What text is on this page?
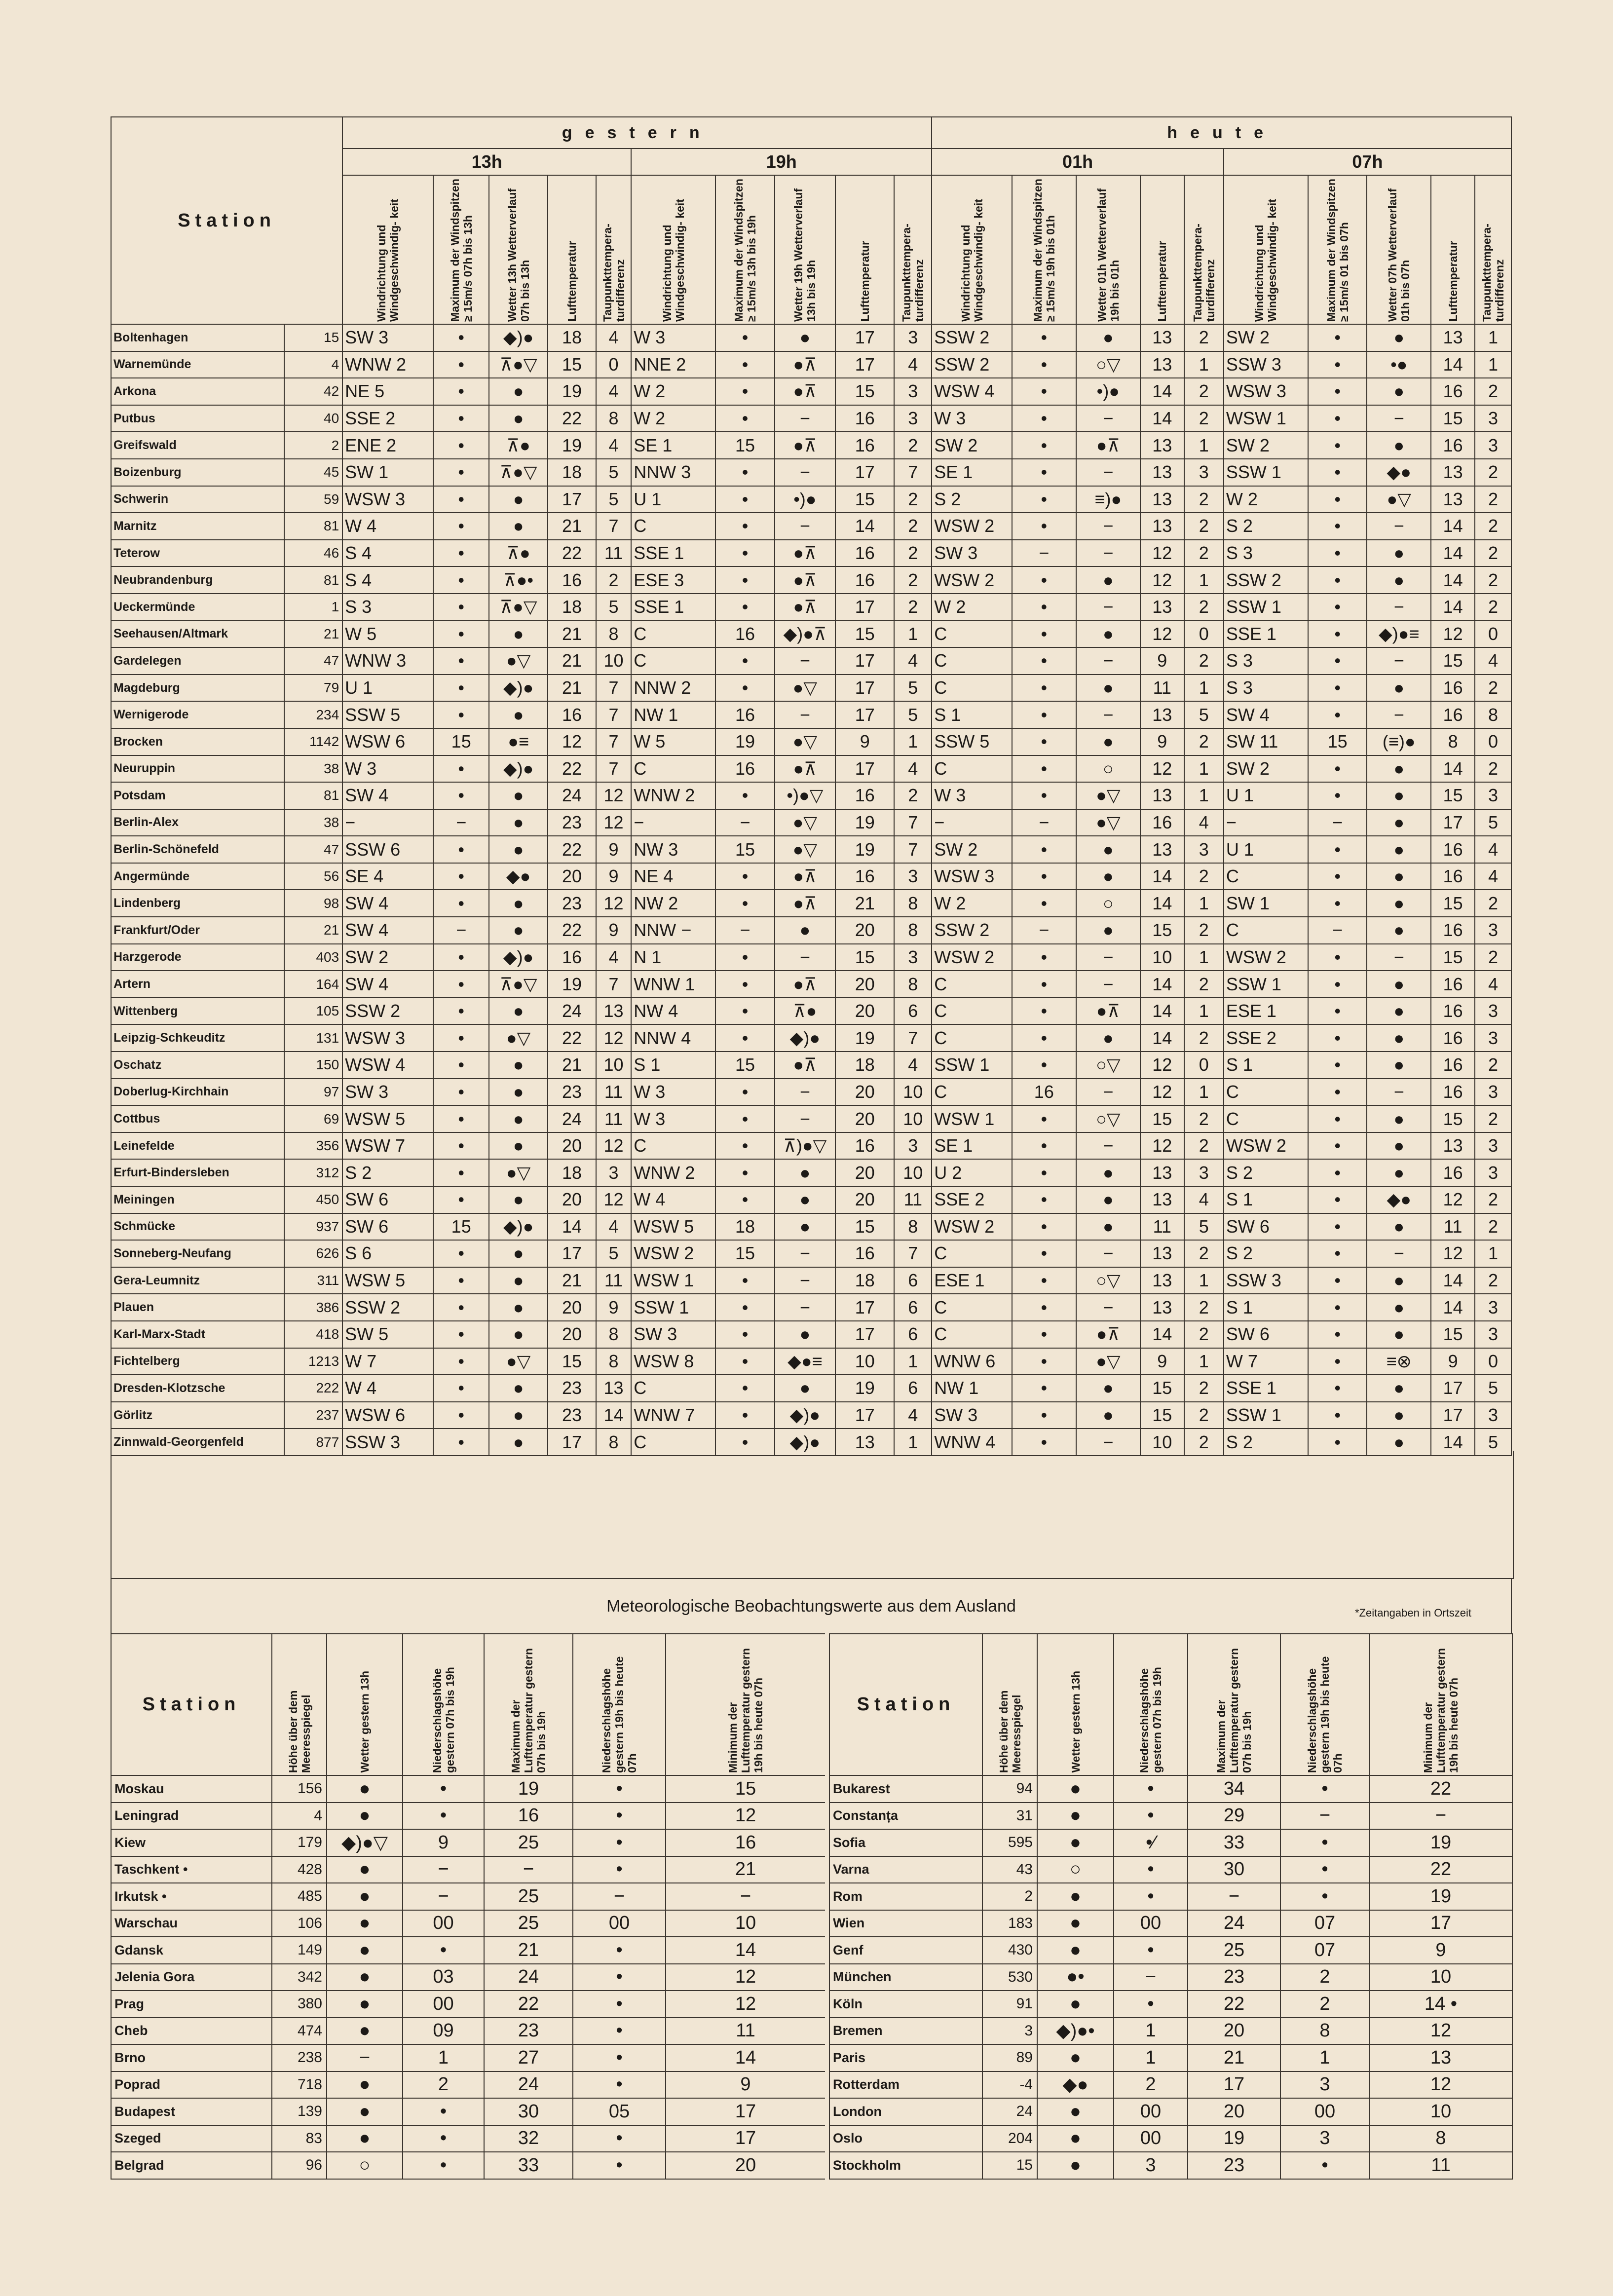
Station		gestern										heute									
		13h					19h					01h					07h				

		Windrichtung und Windgeschwindig- keit	Maximum der Windspitzen ≥ 15m/s 07h bis 13h	Wetter 13h Wetterverlauf 07h bis 13h	Lufttemperatur	Taupunkttempera- turdifferenz	Windrichtung und Windgeschwindig- keit	Maximum der Windspitzen ≥ 15m/s 13h bis 19h	Wetter 19h Wetterverlauf 13h bis 19h	Lufttemperatur	Taupunkttempera- turdifferenz	Windrichtung und Windgeschwindig- keit	Maximum der Windspitzen ≥ 15m/s 19h bis 01h	Wetter 01h Wetterverlauf 19h bis 01h	Lufttemperatur	Taupunkttempera- turdifferenz	Windrichtung und Windgeschwindig- keit	Maximum der Windspitzen ≥ 15m/s 01 bis 07h	Wetter 07h Wetterverlauf 01h bis 07h	Lufttemperatur	Taupunkttempera- turdifferenz

Boltenhagen	15	SW 3	•	◆)●	18	4	W 3	•	●	17	3	SSW 2	•	●	13	2	SW 2	•	●	13	1
Warnemünde	4	WNW 2	•	⊼●▽	15	0	NNE 2	•	●⊼	17	4	SSW 2	•	○▽	13	1	SSW 3	•	•●	14	1
Arkona	42	NE 5	•	●	19	4	W 2	•	●⊼	15	3	WSW 4	•	•)●	14	2	WSW 3	•	●	16	2
Putbus	40	SSE 2	•	●	22	8	W 2	•	−	16	3	W 3	•	−	14	2	WSW 1	•	−	15	3
Greifswald	2	ENE 2	•	⊼●	19	4	SE 1	15	●⊼	16	2	SW 2	•	●⊼	13	1	SW 2	•	●	16	3
Boizenburg	45	SW 1	•	⊼●▽	18	5	NNW 3	•	−	17	7	SE 1	•	−	13	3	SSW 1	•	◆●	13	2
Schwerin	59	WSW 3	•	●	17	5	U 1	•	•)●	15	2	S 2	•	≡)●	13	2	W 2	•	●▽	13	2
Marnitz	81	W 4	•	●	21	7	C	•	−	14	2	WSW 2	•	−	13	2	S 2	•	−	14	2
Teterow	46	S 4	•	⊼●	22	11	SSE 1	•	●⊼	16	2	SW 3	−	−	12	2	S 3	•	●	14	2
Neubrandenburg	81	S 4	•	⊼●•	16	2	ESE 3	•	●⊼	16	2	WSW 2	•	●	12	1	SSW 2	•	●	14	2
Ueckermünde	1	S 3	•	⊼●▽	18	5	SSE 1	•	●⊼	17	2	W 2	•	−	13	2	SSW 1	•	−	14	2
Seehausen/Altmark	21	W 5	•	●	21	8	C	16	◆)●⊼	15	1	C	•	●	12	0	SSE 1	•	◆)●≡	12	0
Gardelegen	47	WNW 3	•	●▽	21	10	C	•	−	17	4	C	•	−	9	2	S 3	•	−	15	4
Magdeburg	79	U 1	•	◆)●	21	7	NNW 2	•	●▽	17	5	C	•	●	11	1	S 3	•	●	16	2
Wernigerode	234	SSW 5	•	●	16	7	NW 1	16	−	17	5	S 1	•	−	13	5	SW 4	•	−	16	8
Brocken	1142	WSW 6	15	●≡	12	7	W 5	19	●▽	9	1	SSW 5	•	●	9	2	SW 11	15	(≡)●	8	0
Neuruppin	38	W 3	•	◆)●	22	7	C	16	●⊼	17	4	C	•	○	12	1	SW 2	•	●	14	2
Potsdam	81	SW 4	•	●	24	12	WNW 2	•	•)●▽	16	2	W 3	•	●▽	13	1	U 1	•	●	15	3
Berlin-Alex	38	−	−	●	23	12	−	−	●▽	19	7	−	−	●▽	16	4	−	−	●	17	5
Berlin-Schönefeld	47	SSW 6	•	●	22	9	NW 3	15	●▽	19	7	SW 2	•	●	13	3	U 1	•	●	16	4
Angermünde	56	SE 4	•	◆●	20	9	NE 4	•	●⊼	16	3	WSW 3	•	●	14	2	C	•	●	16	4
Lindenberg	98	SW 4	•	●	23	12	NW 2	•	●⊼	21	8	W 2	•	○	14	1	SW 1	•	●	15	2
Frankfurt/Oder	21	SW 4	−	●	22	9	NNW −	−	●	20	8	SSW 2	−	●	15	2	C	−	●	16	3
Harzgerode	403	SW 2	•	◆)●	16	4	N 1	•	−	15	3	WSW 2	•	−	10	1	WSW 2	•	−	15	2
Artern	164	SW 4	•	⊼●▽	19	7	WNW 1	•	●⊼	20	8	C	•	−	14	2	SSW 1	•	●	16	4
Wittenberg	105	SSW 2	•	●	24	13	NW 4	•	⊼●	20	6	C	•	●⊼	14	1	ESE 1	•	●	16	3
Leipzig-Schkeuditz	131	WSW 3	•	●▽	22	12	NNW 4	•	◆)●	19	7	C	•	●	14	2	SSE 2	•	●	16	3
Oschatz	150	WSW 4	•	●	21	10	S 1	15	●⊼	18	4	SSW 1	•	○▽	12	0	S 1	•	●	16	2
Doberlug-Kirchhain	97	SW 3	•	●	23	11	W 3	•	−	20	10	C	16	−	12	1	C	•	−	16	3
Cottbus	69	WSW 5	•	●	24	11	W 3	•	−	20	10	WSW 1	•	○▽	15	2	C	•	●	15	2
Leinefelde	356	WSW 7	•	●	20	12	C	•	⊼)●▽	16	3	SE 1	•	−	12	2	WSW 2	•	●	13	3
Erfurt-Bindersleben	312	S 2	•	●▽	18	3	WNW 2	•	●	20	10	U 2	•	●	13	3	S 2	•	●	16	3
Meiningen	450	SW 6	•	●	20	12	W 4	•	●	20	11	SSE 2	•	●	13	4	S 1	•	◆●	12	2
Schmücke	937	SW 6	15	◆)●	14	4	WSW 5	18	●	15	8	WSW 2	•	●	11	5	SW 6	•	●	11	2
Sonneberg-Neufang	626	S 6	•	●	17	5	WSW 2	15	−	16	7	C	•	−	13	2	S 2	•	−	12	1
Gera-Leumnitz	311	WSW 5	•	●	21	11	WSW 1	•	−	18	6	ESE 1	•	○▽	13	1	SSW 3	•	●	14	2
Plauen	386	SSW 2	•	●	20	9	SSW 1	•	−	17	6	C	•	−	13	2	S 1	•	●	14	3
Karl-Marx-Stadt	418	SW 5	•	●	20	8	SW 3	•	●	17	6	C	•	●⊼	14	2	SW 6	•	●	15	3
Fichtelberg	1213	W 7	•	●▽	15	8	WSW 8	•	◆●≡	10	1	WNW 6	•	●▽	9	1	W 7	•	≡⊗	9	0
Dresden-Klotzsche	222	W 4	•	●	23	13	C	•	●	19	6	NW 1	•	●	15	2	SSE 1	•	●	17	5
Görlitz	237	WSW 6	•	●	23	14	WNW 7	•	◆)●	17	4	SW 3	•	●	15	2	SSW 1	•	●	17	3
Zinnwald-Georgenfeld	877	SSW 3	•	●	17	8	C	•	◆)●	13	1	WNW 4	•	−	10	2	S 2	•	●	14	5
Meteorologische Beobachtungswerte aus dem Ausland	*Zeitangaben in Ortszeit
Station	Höhe über dem Meeresspiegel	Wetter gestern 13h	Niederschlagshöhe gestern 07h bis 19h	Maximum der Lufttemperatur gestern 07h bis 19h	Niederschlagshöhe gestern 19h bis heute 07h	Minimum der Lufttemperatur gestern 19h bis heute 07h

Moskau	156	●	•	19	•	15
Leningrad	4	●	•	16	•	12
Kiew	179	◆)●▽	9	25	•	16
Taschkent •	428	●	−	−	•	21
Irkutsk •	485	●	−	25	−	−
Warschau	106	●	00	25	00	10
Gdansk	149	●	•	21	•	14
Jelenia Gora	342	●	03	24	•	12
Prag	380	●	00	22	•	12
Cheb	474	●	09	23	•	11
Brno	238	−	1	27	•	14
Poprad	718	●	2	24	•	9
Budapest	139	●	•	30	05	17
Szeged	83	●	•	32	•	17
Belgrad	96	○	•	33	•	20
Station	Höhe über dem Meeresspiegel	Wetter gestern 13h	Niederschlagshöhe gestern 07h bis 19h	Maximum der Lufttemperatur gestern 07h bis 19h	Niederschlagshöhe gestern 19h bis heute 07h	Minimum der Lufttemperatur gestern 19h bis heute 07h

Bukarest	94	●	•	34	•	22
Constanța	31	●	•	29	−	−
Sofia	595	●	•⁄	33	•	19
Varna	43	○	•	30	•	22
Rom	2	●	•	−	•	19
Wien	183	●	00	24	07	17
Genf	430	●	•	25	07	9
München	530	●•	−	23	2	10
Köln	91	●	•	22	2	14 •
Bremen	3	◆)●•	1	20	8	12
Paris	89	●	1	21	1	13
Rotterdam	-4	◆●	2	17	3	12
London	24	●	00	20	00	10
Oslo	204	●	00	19	3	8
Stockholm	15	●	3	23	•	11
